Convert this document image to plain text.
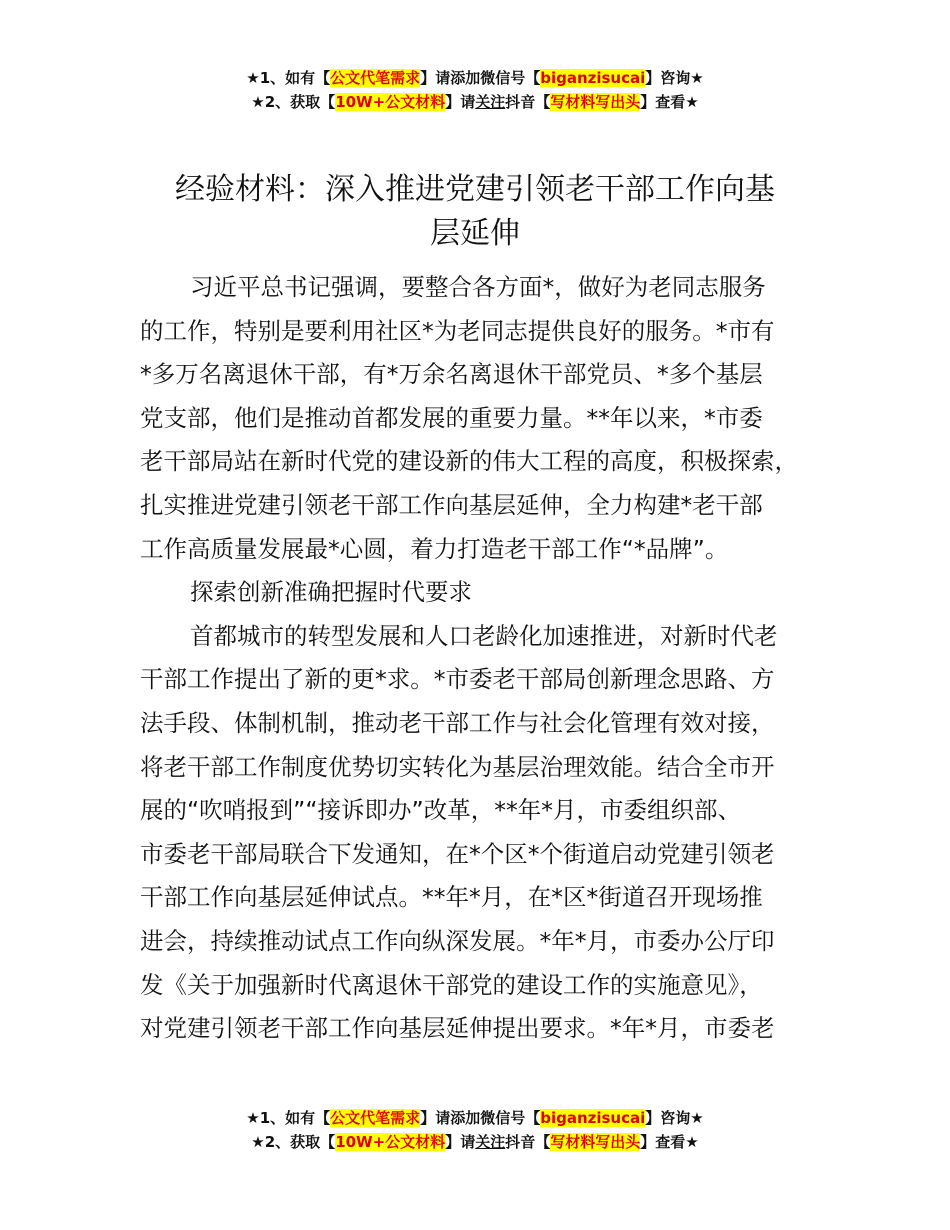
★1、如有【公文代笔需求】请添加微信号【biganzisucai】咨询★
★2、获取【10W+公文材料】请关注抖音【写材料写出头】查看★
经验材料：深入推进党建引领老干部工作向基
层延伸

习近平总书记强调，要整合各方面*，做好为老同志服务
的工作，特别是要利用社区*为老同志提供良好的服务。*市有
*多万名离退休干部，有*万余名离退休干部党员、*多个基层
党支部，他们是推动首都发展的重要力量。**年以来，*市委
老干部局站在新时代党的建设新的伟大工程的高度，积极探索，
扎实推进党建引领老干部工作向基层延伸，全力构建*老干部
工作高质量发展最*心圆，着力打造老干部工作“*品牌”。

探索创新准确把握时代要求

首都城市的转型发展和人口老龄化加速推进，对新时代老
干部工作提出了新的更*求。*市委老干部局创新理念思路、方
法手段、体制机制，推动老干部工作与社会化管理有效对接，
将老干部工作制度优势切实转化为基层治理效能。结合全市开
展的“吹哨报到”“接诉即办”改革，**年*月，市委组织部、
市委老干部局联合下发通知，在*个区*个街道启动党建引领老
干部工作向基层延伸试点。**年*月，在*区*街道召开现场推
进会，持续推动试点工作向纵深发展。*年*月，市委办公厅印
发《关于加强新时代离退休干部党的建设工作的实施意见》，
对党建引领老干部工作向基层延伸提出要求。*年*月，市委老

★1、如有【公文代笔需求】请添加微信号【biganzisucai】咨询★
★2、获取【10W+公文材料】请关注抖音【写材料写出头】查看★
